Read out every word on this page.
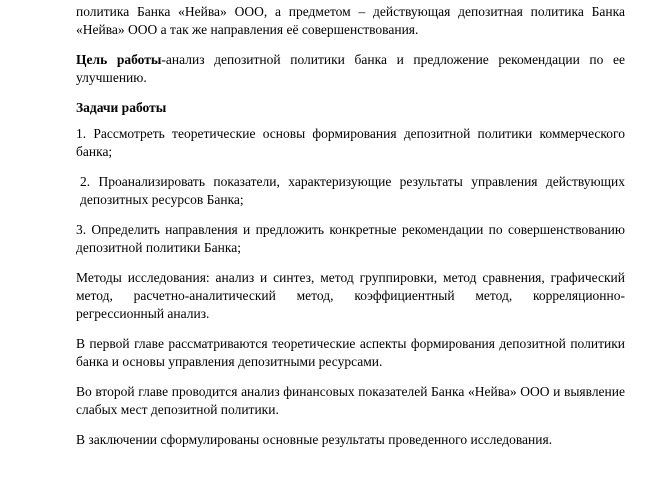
политика Банка «Нейва» ООО, а предметом – действующая депозитная политика Банка «Нейва» ООО а так же направления её совершенствования.

Цель работы-анализ депозитной политики банка и предложение рекомендации по ее улучшению.

Задачи работы

1. Рассмотреть теоретические основы формирования депозитной политики коммерческого банка;

2. Проанализировать показатели, характеризующие результаты управления действующих депозитных ресурсов Банка;

3. Определить направления и предложить конкретные рекомендации по совершенствованию депозитной политики Банка;

Методы исследования: анализ и синтез, метод группировки, метод сравнения, графический метод, расчетно-аналитический метод, коэффициентный метод, корреляционно-регрессионный анализ.

В первой главе рассматриваются теоретические аспекты формирования депозитной политики банка и основы управления депозитными ресурсами.

Во второй главе проводится анализ финансовых показателей Банка «Нейва» ООО и выявление слабых мест депозитной политики.

В заключении сформулированы основные результаты проведенного исследования.
